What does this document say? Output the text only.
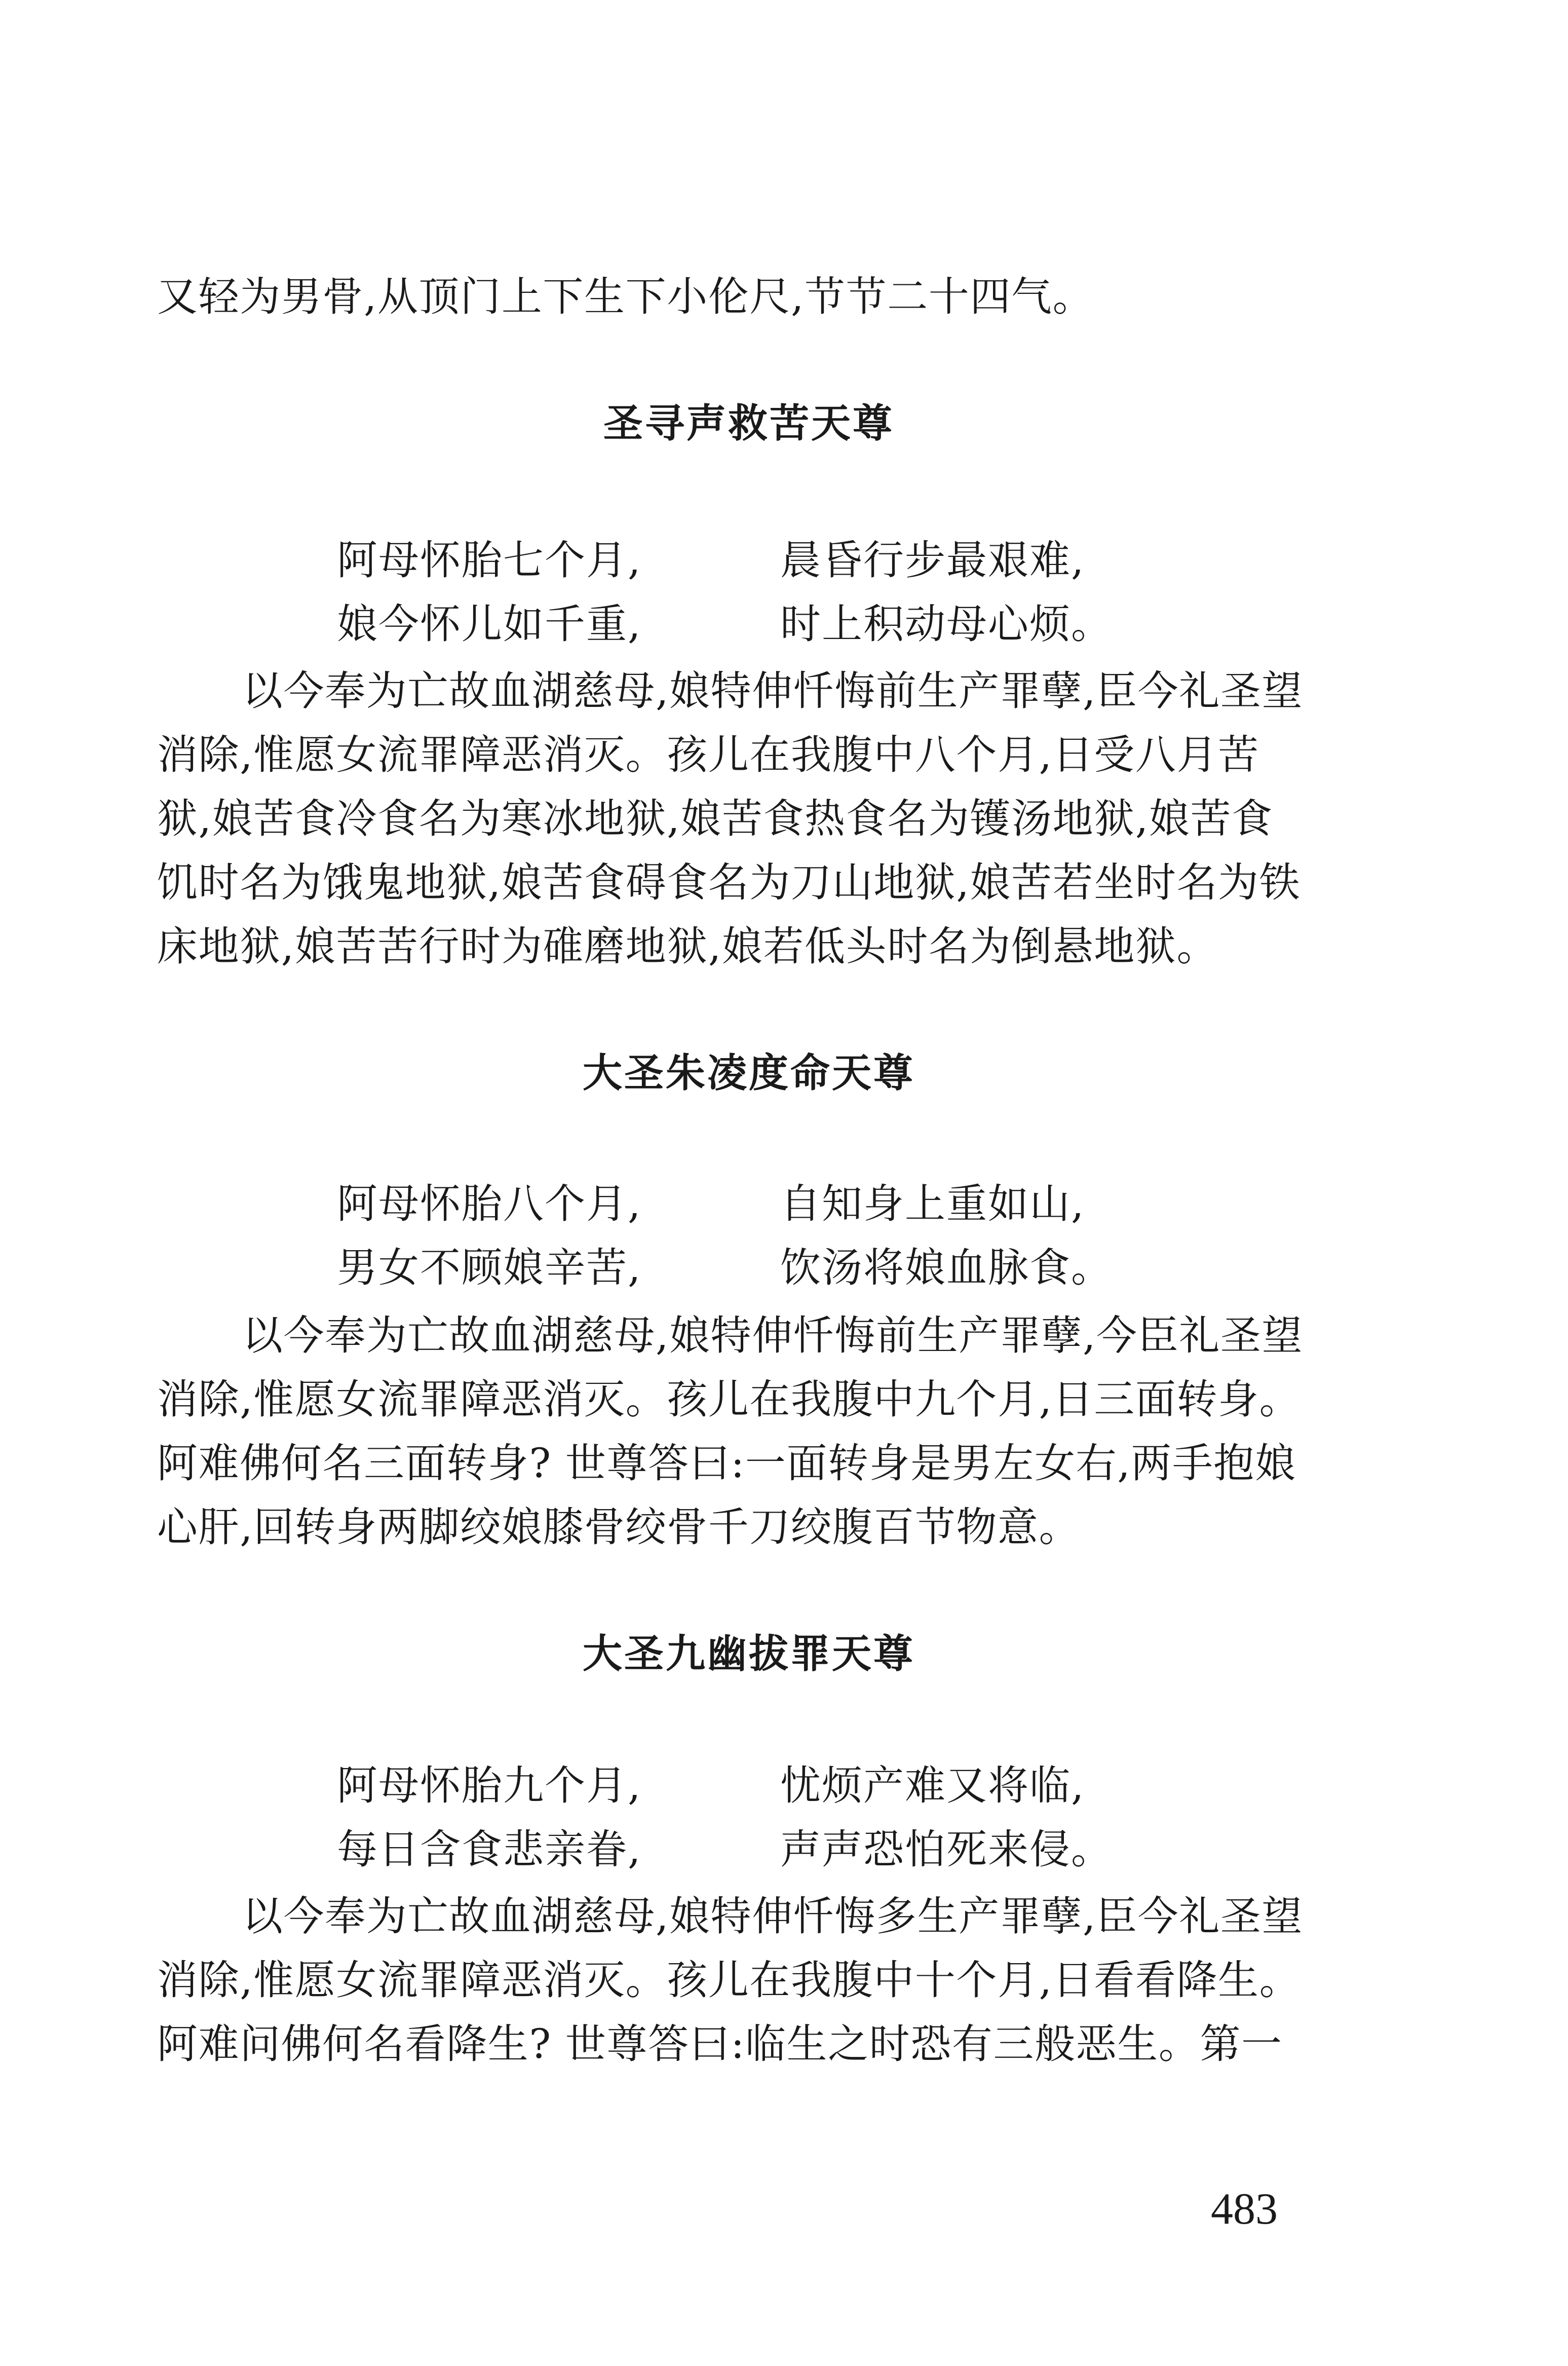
又轻为男骨,从顶门上下生下小伦尺,节节二十四气。
圣寻声救苦天尊
阿母怀胎七个月,	晨昏行步最艰难,
娘今怀儿如千重,	时上积动母心烦。
以今奉为亡故血湖慈母,娘特伸忏悔前生产罪孽,臣今礼圣望
消除,惟愿女流罪障恶消灭。孩儿在我腹中八个月,日受八月苦
狱,娘苦食冷食名为寒冰地狱,娘苦食热食名为镬汤地狱,娘苦食
饥时名为饿鬼地狱,娘苦食碍食名为刀山地狱,娘苦若坐时名为铁
床地狱,娘苦苦行时为碓磨地狱,娘若低头时名为倒悬地狱。
大圣朱凌度命天尊
阿母怀胎八个月,	自知身上重如山,
男女不顾娘辛苦,	饮汤将娘血脉食。
以今奉为亡故血湖慈母,娘特伸忏悔前生产罪孽,今臣礼圣望
消除,惟愿女流罪障恶消灭。孩儿在我腹中九个月,日三面转身。
阿难佛何名三面转身? 世尊答曰:一面转身是男左女右,两手抱娘
心肝,回转身两脚绞娘膝骨绞骨千刀绞腹百节物意。
大圣九幽拔罪天尊
阿母怀胎九个月,	忧烦产难又将临,
每日含食悲亲眷,	声声恐怕死来侵。
以今奉为亡故血湖慈母,娘特伸忏悔多生产罪孽,臣今礼圣望
消除,惟愿女流罪障恶消灭。孩儿在我腹中十个月,日看看降生。
阿难问佛何名看降生? 世尊答曰:临生之时恐有三般恶生。第一
483
